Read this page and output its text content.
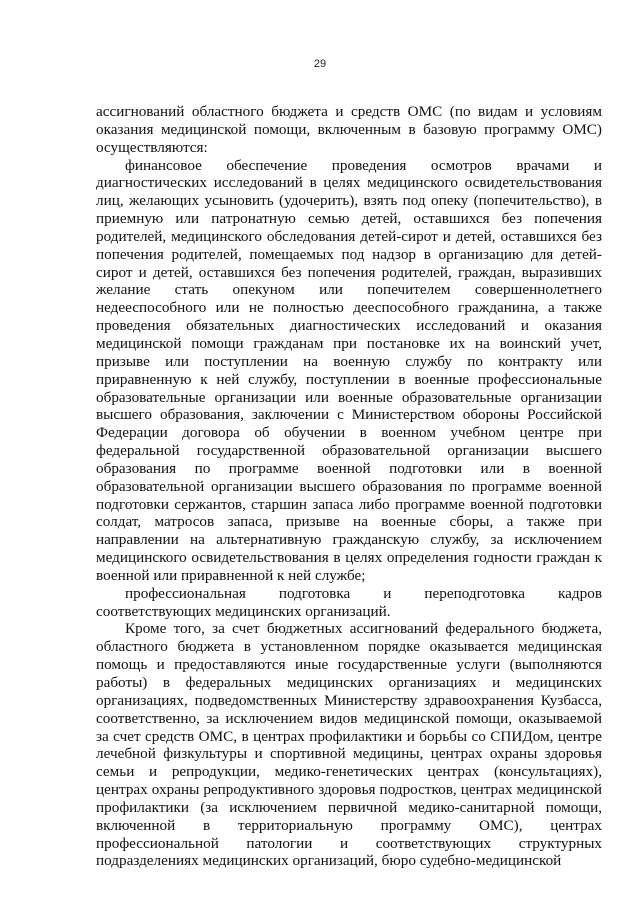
29

ассигнований областного бюджета и средств ОМС (по видам и условиям оказания медицинской помощи, включенным в базовую программу ОМС) осуществляются:

финансовое обеспечение проведения осмотров врачами и диагностических исследований в целях медицинского освидетельствования лиц, желающих усыновить (удочерить), взять под опеку (попечительство), в приемную или патронатную семью детей, оставшихся без попечения родителей, медицинского обследования детей-сирот и детей, оставшихся без попечения родителей, помещаемых под надзор в организацию для детей-сирот и детей, оставшихся без попечения родителей, граждан, выразивших желание стать опекуном или попечителем совершеннолетнего недееспособного или не полностью дееспособного гражданина, а также проведения обязательных диагностических исследований и оказания медицинской помощи гражданам при постановке их на воинский учет, призыве или поступлении на военную службу по контракту или приравненную к ней службу, поступлении в военные профессиональные образовательные организации или военные образовательные организации высшего образования, заключении с Министерством обороны Российской Федерации договора об обучении в военном учебном центре при федеральной государственной образовательной организации высшего образования по программе военной подготовки или в военной образовательной организации высшего образования по программе военной подготовки сержантов, старшин запаса либо программе военной подготовки солдат, матросов запаса, призыве на военные сборы, а также при направлении на альтернативную гражданскую службу, за исключением медицинского освидетельствования в целях определения годности граждан к военной или приравненной к ней службе;

профессиональная подготовка и переподготовка кадров соответствующих медицинских организаций.

Кроме того, за счет бюджетных ассигнований федерального бюджета, областного бюджета в установленном порядке оказывается медицинская помощь и предоставляются иные государственные услуги (выполняются работы) в федеральных медицинских организациях и медицинских организациях, подведомственных Министерству здравоохранения Кузбасса, соответственно, за исключением видов медицинской помощи, оказываемой за счет средств ОМС, в центрах профилактики и борьбы со СПИДом, центре лечебной физкультуры и спортивной медицины, центрах охраны здоровья семьи и репродукции, медико-генетических центрах (консультациях), центрах охраны репродуктивного здоровья подростков, центрах медицинской профилактики (за исключением первичной медико-санитарной помощи, включенной в территориальную программу ОМС), центрах профессиональной патологии и соответствующих структурных подразделениях медицинских организаций, бюро судебно-медицинской
